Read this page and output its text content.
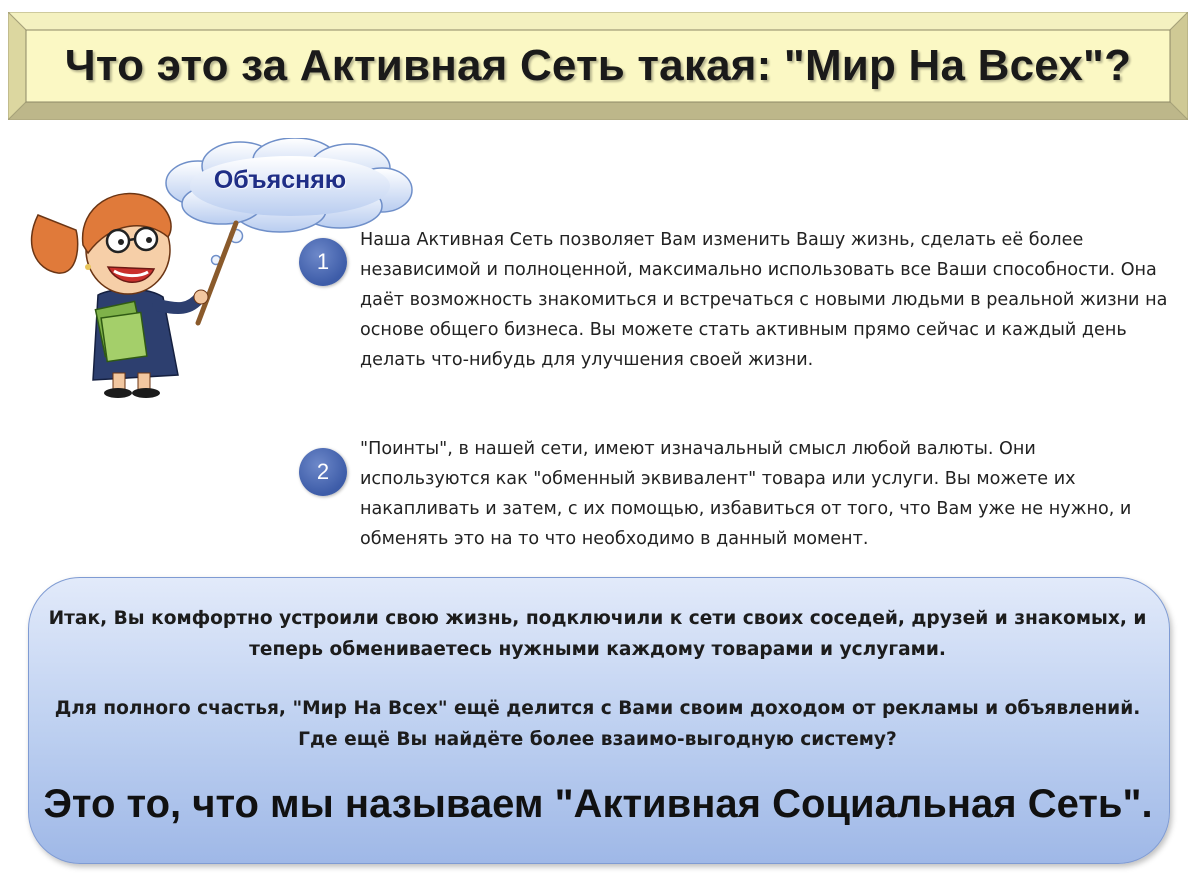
Что это за Активная Сеть такая: "Мир На Всех"?
Объясняю
1
Наша Активная Сеть позволяет Вам изменить Вашу жизнь, сделать её более независимой и полноценной, максимально использовать все Ваши способности. Она даёт возможность знакомиться и встречаться с новыми людьми в реальной жизни на основе общего бизнеса. Вы можете стать активным прямо сейчас и каждый день делать что-нибудь для улучшения своей жизни.
2
"Поинты", в нашей сети, имеют изначальный смысл любой валюты. Они используются как "обменный эквивалент" товара или услуги. Вы можете их накапливать и затем, с их помощью, избавиться от того, что Вам уже не нужно, и обменять это на то что необходимо в данный момент.
Итак, Вы комфортно устроили свою жизнь, подключили к сети своих соседей, друзей и знакомых, и теперь обмениваетесь нужными каждому товарами и услугами.
Для полного счастья, "Мир На Всех" ещё делится с Вами своим доходом от рекламы и объявлений. Где ещё Вы найдёте более взаимо-выгодную систему?
Это то, что мы называем "Активная Социальная Сеть".
